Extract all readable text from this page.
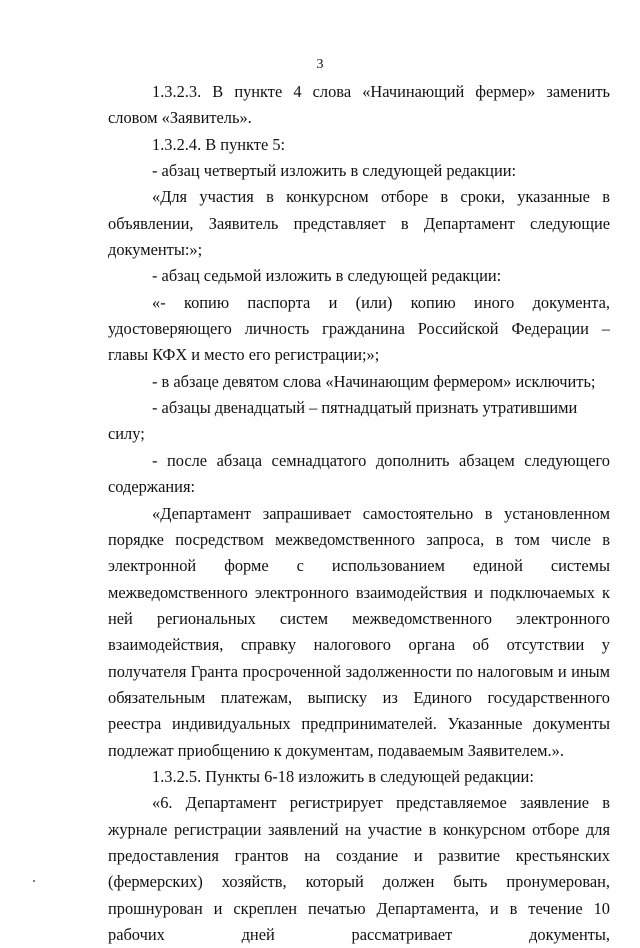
3

1.3.2.3. В пункте 4 слова «Начинающий фермер» заменить словом «Заявитель».

1.3.2.4. В пункте 5:

- абзац четвертый изложить в следующей редакции:

«Для участия в конкурсном отборе в сроки, указанные в объявлении, Заявитель представляет в Департамент следующие документы:»;

- абзац седьмой изложить в следующей редакции:

«- копию паспорта и (или) копию иного документа, удостоверяющего личность гражданина Российской Федерации – главы КФХ и место его регистрации;»;

- в абзаце девятом слова «Начинающим фермером» исключить;

- абзацы двенадцатый – пятнадцатый признать утратившими силу;

- после абзаца семнадцатого дополнить абзацем следующего содержания:

«Департамент запрашивает самостоятельно в установленном порядке посредством межведомственного запроса, в том числе в электронной форме с использованием единой системы межведомственного электронного взаимодействия и подключаемых к ней региональных систем межведомственного электронного взаимодействия, справку налогового органа об отсутствии у получателя Гранта просроченной задолженности по налоговым и иным обязательным платежам, выписку из Единого государственного реестра индивидуальных предпринимателей. Указанные документы подлежат приобщению к документам, подаваемым Заявителем.».

1.3.2.5. Пункты 6-18 изложить в следующей редакции:

«6. Департамент регистрирует представляемое заявление в журнале регистрации заявлений на участие в конкурсном отборе для предоставления грантов на создание и развитие крестьянских (фермерских) хозяйств, который должен быть пронумерован, прошнурован и скреплен печатью Департамента, и в течение 10 рабочих дней рассматривает документы,
